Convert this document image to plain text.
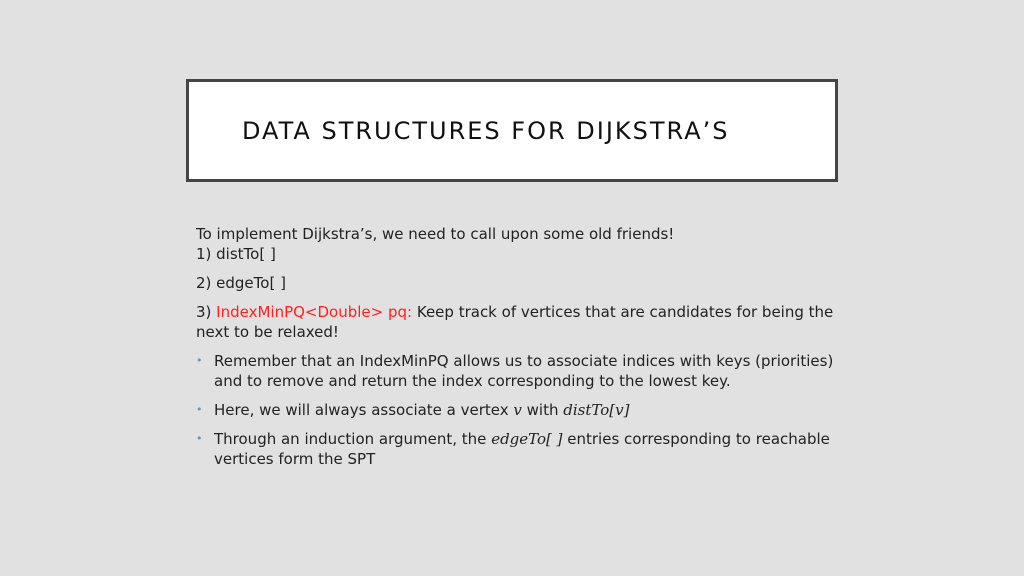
DATA STRUCTURES FOR DIJKSTRA’S

To implement Dijkstra’s, we need to call upon some old friends!

1) distTo[ ]

2) edgeTo[ ]

3) IndexMinPQ<Double> pq: Keep track of vertices that are candidates for being the next to be relaxed!

• Remember that an IndexMinPQ allows us to associate indices with keys (priorities) and to remove and return the index corresponding to the lowest key.
• Here, we will always associate a vertex v with distTo[v]
• Through an induction argument, the edgeTo[ ] entries corresponding to reachable vertices form the SPT
